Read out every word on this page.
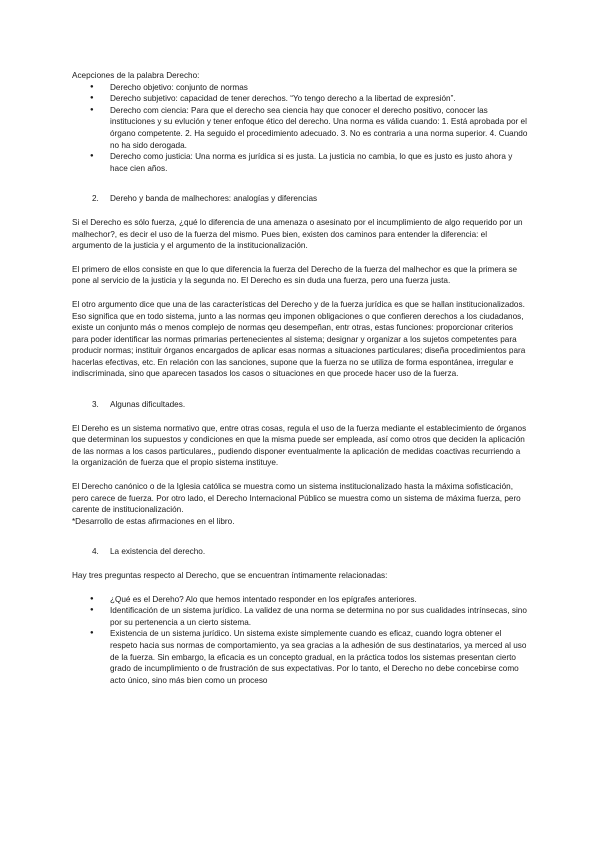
Acepciones de la palabra Derecho:

● Derecho objetivo: conjunto de normas
● Derecho subjetivo: capacidad de tener derechos. “Yo tengo derecho a la libertad de expresión”.
● Derecho com ciencia: Para que el derecho sea ciencia hay que conocer el derecho positivo, conocer las instituciones y su evlución y tener enfoque ético del derecho. Una norma es válida cuando: 1. Está aprobada por el órgano competente. 2. Ha seguido el procedimiento adecuado. 3. No es contraria a una norma superior. 4. Cuando no ha sido derogada.
● Derecho como justicia: Una norma es jurídica si es justa. La justicia no cambia, lo que es justo es justo ahora y hace cien años.

2. Dereho y banda de malhechores: analogías y diferencias

Si el Derecho es sólo fuerza, ¿qué lo diferencia de una amenaza o asesinato por el incumplimiento de algo requerido por un malhechor?, es decir el uso de la fuerza del mismo. Pues bien, existen dos caminos para entender la diferencia: el argumento de la justicia y el argumento de la institucionalización.

El primero de ellos consiste en que lo que diferencia la fuerza del Derecho de la fuerza del malhechor es que la primera se pone al servicio de la justicia y la segunda no. El Derecho es sin duda una fuerza, pero una fuerza justa.

El otro argumento dice que una de las características del Derecho y de la fuerza jurídica es que se hallan institucionalizados. Eso significa que en todo sistema, junto a las normas qeu imponen obligaciones o que confieren derechos a los ciudadanos, existe un conjunto más o menos complejo de normas qeu desempeñan, entr otras, estas funciones: proporcionar criterios para poder identificar las normas primarias pertenecientes al sistema; designar y organizar a los sujetos competentes para producir normas; instituir órganos encargados de aplicar esas normas a situaciones particulares; diseña procedimientos para hacerlas efectivas, etc. En relación con las sanciones, supone que la fuerza no se utiliza de forma espontánea, irregular e indiscriminada, sino que aparecen tasados los casos o situaciones en que procede hacer uso de la fuerza.

3. Algunas dificultades.

El Dereho es un sistema normativo que, entre otras cosas, regula el uso de la fuerza mediante el establecimiento de órganos que determinan los supuestos y condiciones en que la misma puede ser empleada, así como otros que deciden la aplicación de las normas a los casos particulares,, pudiendo disponer eventualmente la aplicación de medidas coactivas recurriendo a la organización de fuerza que el propio sistema instituye.

El Derecho canónico o de la Iglesia católica se muestra como un sistema institucionalizado hasta la máxima sofisticación, pero carece de fuerza. Por otro lado, el Derecho Internacional Público se muestra como un sistema de máxima fuerza, pero carente de institucionalización.

*Desarrollo de estas afirmaciones en el libro.

4. La existencia del derecho.

Hay tres preguntas respecto al Derecho, que se encuentran íntimamente relacionadas:

● ¿Qué es el Dereho? Alo que hemos intentado responder en los epígrafes anteriores.
● Identificación de un sistema jurídico. La validez de una norma se determina no por sus cualidades intrínsecas, sino por su pertenencia a un cierto sistema.
● Existencia de un sistema jurídico. Un sistema existe simplemente cuando es eficaz, cuando logra obtener el respeto hacia sus normas de comportamiento, ya sea gracias a la adhesión de sus destinatarios, ya merced al uso de la fuerza. Sin embargo, la eficacia es un concepto gradual, en la práctica todos los sistemas presentan cierto grado de incumplimiento o de frustración de sus expectativas. Por lo tanto, el Derecho no debe concebirse como acto único, sino más bien como un proceso
